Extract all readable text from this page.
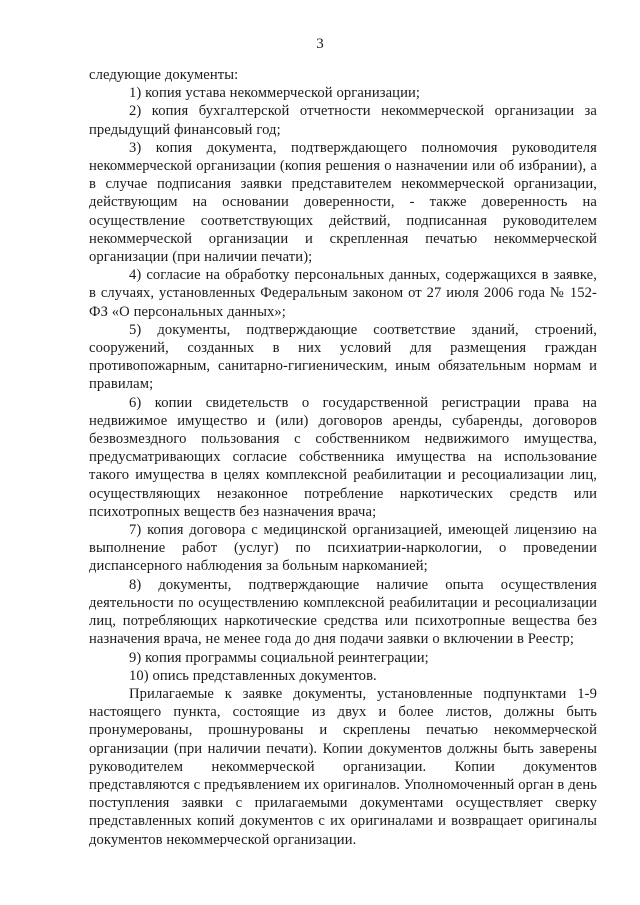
3

следующие документы:

1) копия устава некоммерческой организации;

2) копия бухгалтерской отчетности некоммерческой организации за предыдущий финансовый год;

3) копия документа, подтверждающего полномочия руководителя некоммерческой организации (копия решения о назначении или об избрании), а в случае подписания заявки представителем некоммерческой организации, действующим на основании доверенности, - также доверенность на осуществление соответствующих действий, подписанная руководителем некоммерческой организации и скрепленная печатью некоммерческой организации (при наличии печати);

4) согласие на обработку персональных данных, содержащихся в заявке, в случаях, установленных Федеральным законом от 27 июля 2006 года № 152-ФЗ «О персональных данных»;

5) документы, подтверждающие соответствие зданий, строений, сооружений, созданных в них условий для размещения граждан противопожарным, санитарно-гигиеническим, иным обязательным нормам и правилам;

6) копии свидетельств о государственной регистрации права на недвижимое имущество и (или) договоров аренды, субаренды, договоров безвозмездного пользования с собственником недвижимого имущества, предусматривающих согласие собственника имущества на использование такого имущества в целях комплексной реабилитации и ресоциализации лиц, осуществляющих незаконное потребление наркотических средств или психотропных веществ без назначения врача;

7) копия договора с медицинской организацией, имеющей лицензию на выполнение работ (услуг) по психиатрии-наркологии, о проведении диспансерного наблюдения за больным наркоманией;

8) документы, подтверждающие наличие опыта осуществления деятельности по осуществлению комплексной реабилитации и ресоциализации лиц, потребляющих наркотические средства или психотропные вещества без назначения врача, не менее года до дня подачи заявки о включении в Реестр;

9) копия программы социальной реинтеграции;

10) опись представленных документов.

Прилагаемые к заявке документы, установленные подпунктами 1-9 настоящего пункта, состоящие из двух и более листов, должны быть пронумерованы, прошнурованы и скреплены печатью некоммерческой организации (при наличии печати). Копии документов должны быть заверены руководителем некоммерческой организации. Копии документов представляются с предъявлением их оригиналов. Уполномоченный орган в день поступления заявки с прилагаемыми документами осуществляет сверку представленных копий документов с их оригиналами и возвращает оригиналы документов некоммерческой организации.
